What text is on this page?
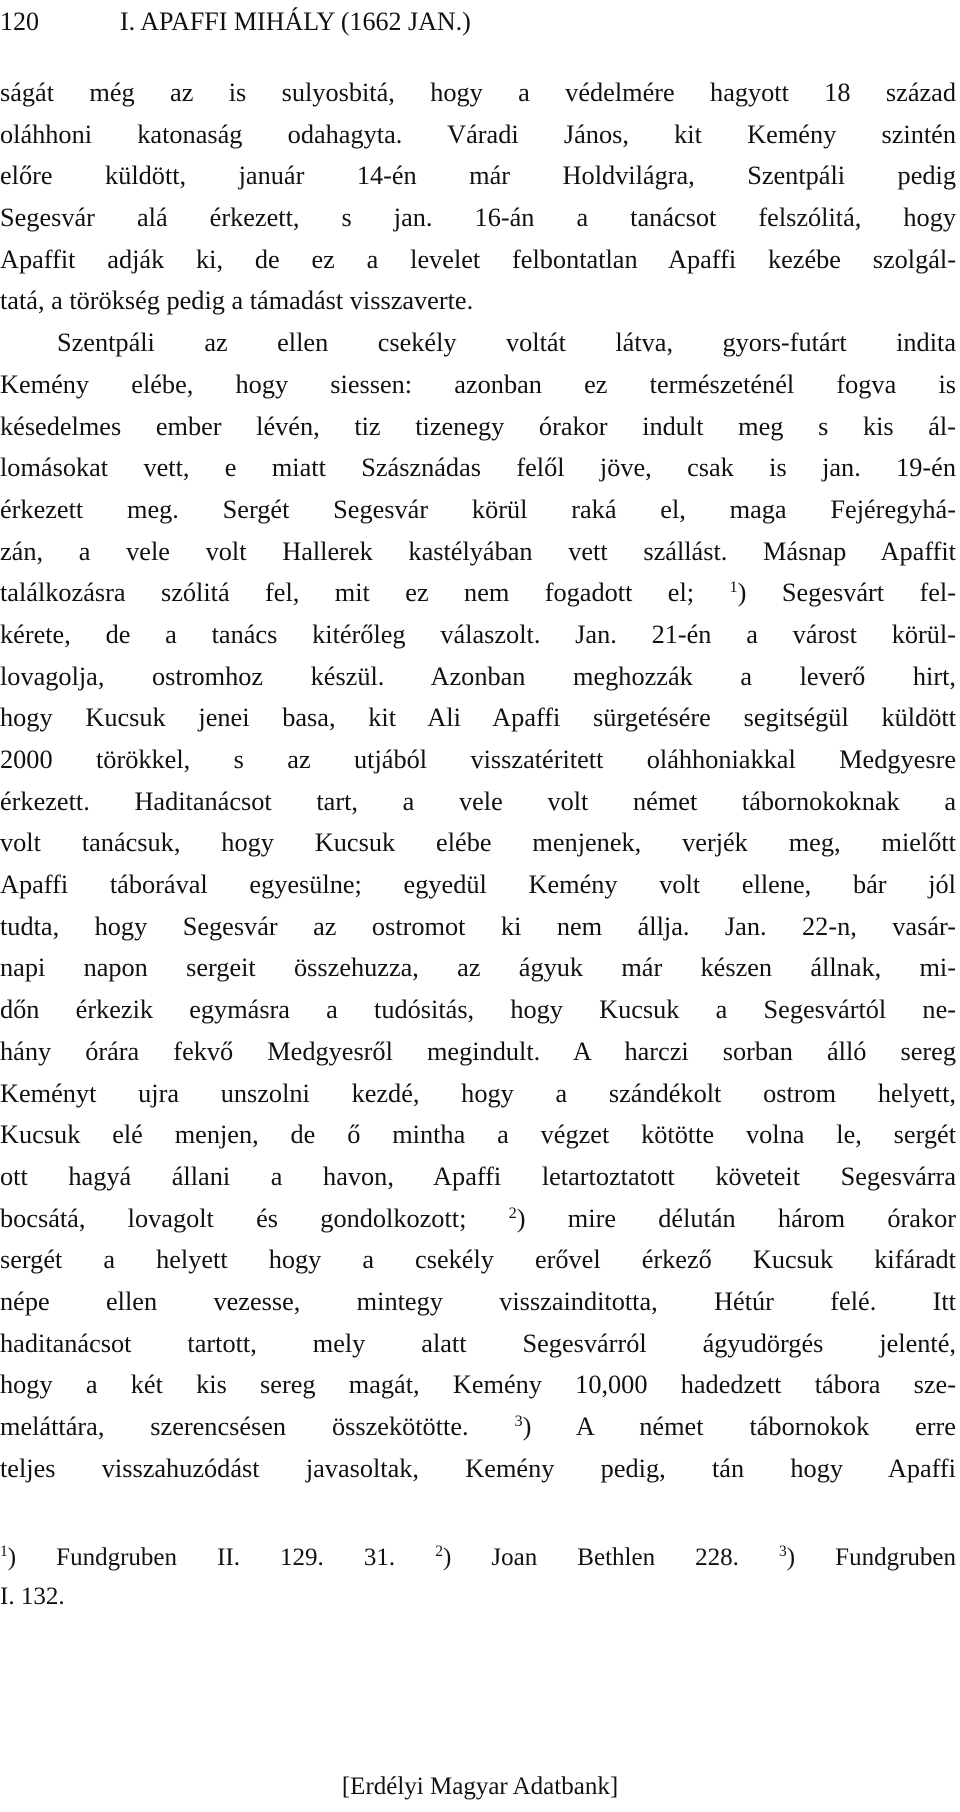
120	I. APAFFI MIHÁLY (1662 JAN.)
ságát még az is sulyosbitá, hogy a védelmére hagyott 18 század
oláhhoni katonaság odahagyta. Váradi János, kit Kemény szintén
előre küldött, január 14-én már Holdvilágra, Szentpáli pedig
Segesvár alá érkezett, s jan. 16-án a tanácsot felszólitá, hogy
Apaffit adják ki, de ez a levelet felbontatlan Apaffi kezébe szolgál-
tatá, a törökség pedig a támadást visszaverte.
Szentpáli az ellen csekély voltát látva, gyors-futárt indita
Kemény elébe, hogy siessen: azonban ez természeténél fogva is
késedelmes ember lévén, tiz tizenegy órakor indult meg s kis ál-
lomásokat vett, e miatt Szásznádas felől jöve, csak is jan. 19-én
érkezett meg. Sergét Segesvár körül raká el, maga Fejéregyhá-
zán, a vele volt Hallerek kastélyában vett szállást. Másnap Apaffit
találkozásra szólitá fel, mit ez nem fogadott el; $^1$) Segesvárt fel-
kérete, de a tanács kitérőleg válaszolt. Jan. 21-én a várost körül-
lovagolja, ostromhoz készül. Azonban meghozzák a leverő hirt,
hogy Kucsuk jenei basa, kit Ali Apaffi sürgetésére segitségül küldött
2000 törökkel, s az utjából visszatéritett oláhhoniakkal Medgyesre
érkezett. Haditanácsot tart, a vele volt német tábornokoknak a
volt tanácsuk, hogy Kucsuk elébe menjenek, verjék meg, mielőtt
Apaffi táborával egyesülne; egyedül Kemény volt ellene, bár jól
tudta, hogy Segesvár az ostromot ki nem állja. Jan. 22-n, vasár-
napi napon sergeit összehuzza, az ágyuk már készen állnak, mi-
dőn érkezik egymásra a tudósitás, hogy Kucsuk a Segesvártól ne-
hány órára fekvő Medgyesről megindult. A harczi sorban álló sereg
Keményt ujra unszolni kezdé, hogy a szándékolt ostrom helyett,
Kucsuk elé menjen, de ő mintha a végzet kötötte volna le, sergét
ott hagyá állani a havon, Apaffi letartoztatott követeit Segesvárra
bocsátá, lovagolt és gondolkozott; $^2$) mire délután három órakor
sergét a helyett hogy a csekély erővel érkező Kucsuk kifáradt
népe ellen vezesse, mintegy visszainditotta, Hétúr felé. Itt
haditanácsot tartott, mely alatt Segesvárról ágyudörgés jelenté,
hogy a két kis sereg magát, Kemény 10,000 hadedzett tábora sze-
meláttára, szerencsésen összekötötte. $^3$) A német tábornokok erre
teljes visszahuzódást javasoltak, Kemény pedig, tán hogy Apaffi
$^1$) Fundgruben II. 129. 31. $^2$) Joan Bethlen 228. $^3$) Fundgruben
I. 132.
[Erdélyi Magyar Adatbank]
